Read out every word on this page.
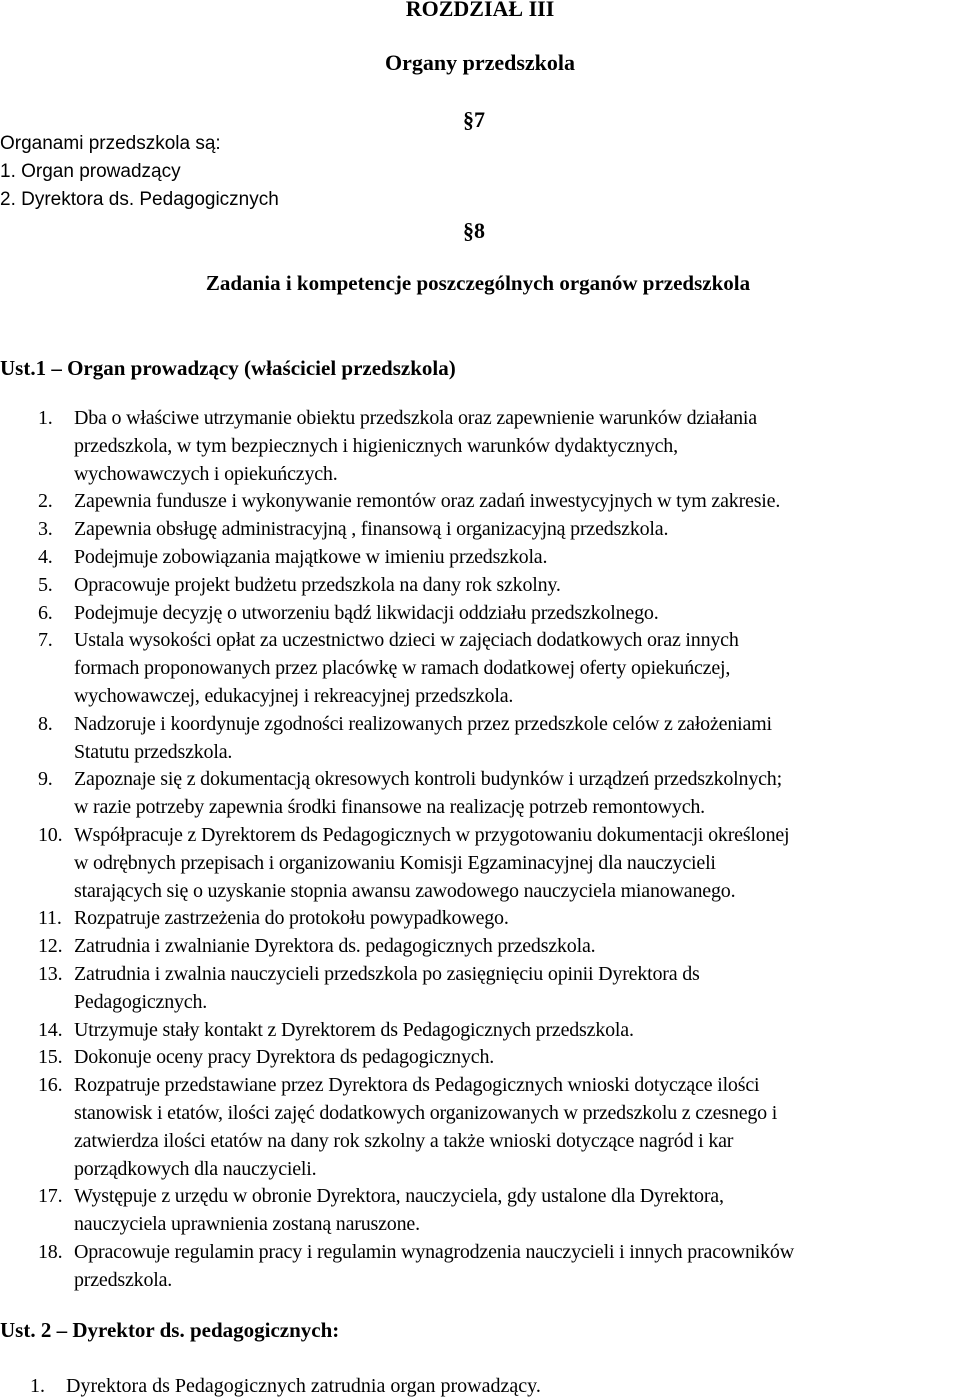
ROZDZIAŁ III
Organy przedszkola
§7
Organami przedszkola są:
1. Organ prowadzący
2. Dyrektora ds. Pedagogicznych
§8
Zadania i kompetencje poszczególnych organów przedszkola
Ust.1 – Organ prowadzący (właściciel przedszkola)
1. Dba o właściwe utrzymanie obiektu przedszkola oraz zapewnienie warunków działania
przedszkola, w tym bezpiecznych i higienicznych warunków dydaktycznych,
wychowawczych i opiekuńczych.
2. Zapewnia fundusze i wykonywanie remontów oraz zadań inwestycyjnych w tym zakresie.
3. Zapewnia obsługę administracyjną , finansową i organizacyjną przedszkola.
4. Podejmuje zobowiązania majątkowe w imieniu przedszkola.
5. Opracowuje projekt budżetu przedszkola na dany rok szkolny.
6. Podejmuje decyzję o utworzeniu bądź likwidacji oddziału przedszkolnego.
7. Ustala wysokości opłat za uczestnictwo dzieci w zajęciach dodatkowych oraz innych
formach proponowanych przez placówkę w ramach dodatkowej oferty opiekuńczej,
wychowawczej, edukacyjnej i rekreacyjnej przedszkola.
8. Nadzoruje i koordynuje zgodności realizowanych przez przedszkole celów z założeniami
Statutu przedszkola.
9. Zapoznaje się z dokumentacją okresowych kontroli budynków i urządzeń przedszkolnych;
w razie potrzeby zapewnia środki finansowe na realizację potrzeb remontowych.
10. Współpracuje z Dyrektorem ds Pedagogicznych w przygotowaniu dokumentacji określonej
w odrębnych przepisach i organizowaniu Komisji Egzaminacyjnej dla nauczycieli
starających się o uzyskanie stopnia awansu zawodowego nauczyciela mianowanego.
11. Rozpatruje zastrzeżenia do protokołu powypadkowego.
12. Zatrudnia i zwalnianie Dyrektora ds. pedagogicznych przedszkola.
13. Zatrudnia i zwalnia nauczycieli przedszkola po zasięgnięciu opinii Dyrektora ds
Pedagogicznych.
14. Utrzymuje stały kontakt z Dyrektorem ds Pedagogicznych przedszkola.
15. Dokonuje oceny pracy Dyrektora ds pedagogicznych.
16. Rozpatruje przedstawiane przez Dyrektora ds Pedagogicznych wnioski dotyczące ilości
stanowisk i etatów, ilości zajęć dodatkowych organizowanych w przedszkolu z czesnego i
zatwierdza ilości etatów na dany rok szkolny a także wnioski dotyczące nagród i kar
porządkowych dla nauczycieli.
17. Występuje z urzędu w obronie Dyrektora, nauczyciela, gdy ustalone dla Dyrektora,
nauczyciela uprawnienia zostaną naruszone.
18. Opracowuje regulamin pracy i regulamin wynagrodzenia nauczycieli i innych pracowników
przedszkola.
Ust. 2 – Dyrektor ds. pedagogicznych:
1. Dyrektora ds Pedagogicznych zatrudnia organ prowadzący.
